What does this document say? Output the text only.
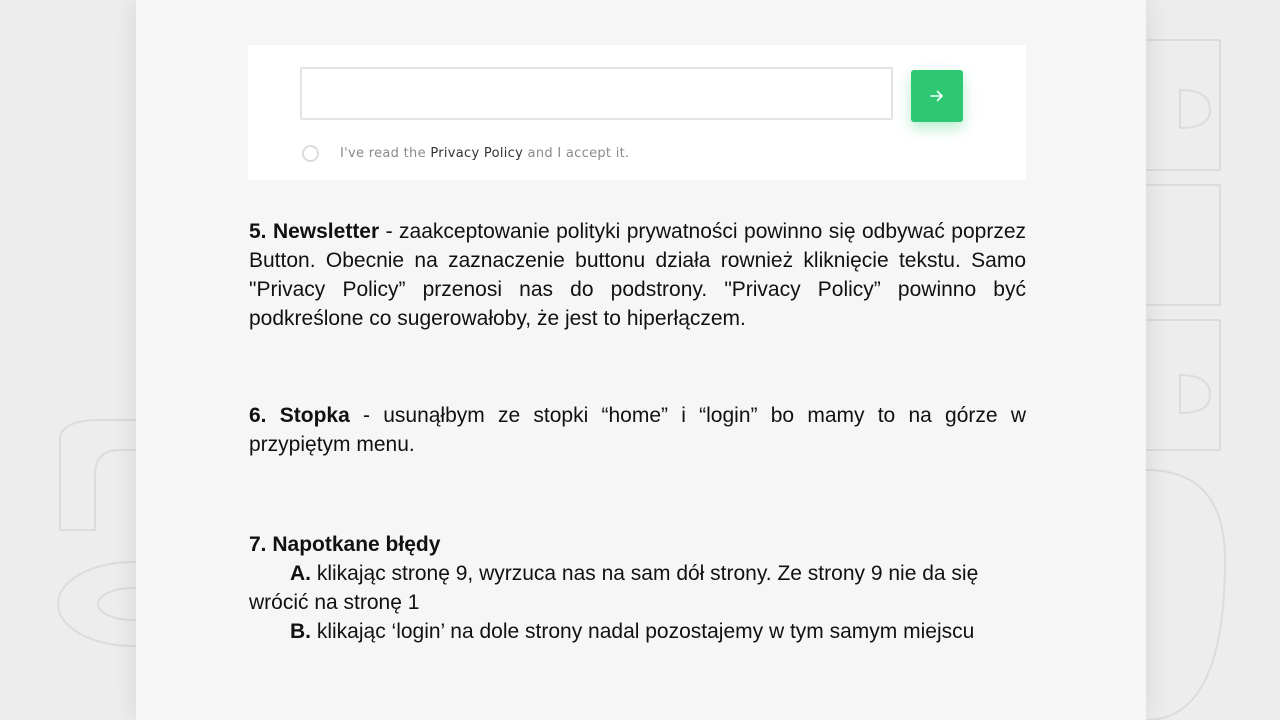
I've read the Privacy Policy and I accept it.

5. Newsletter - zaakceptowanie polityki prywatności powinno się odbywać poprzez Button. Obecnie na zaznaczenie buttonu działa rownież kliknięcie tekstu. Samo "Privacy Policy” przenosi nas do podstrony. "Privacy Policy” powinno być podkreślone co sugerowałoby, że jest to hiperłączem.

6. Stopka - usunąłbym ze stopki “home” i “login” bo mamy to na górze w przypiętym menu.

7. Napotkane błędy
A. klikając stronę 9, wyrzuca nas na sam dół strony. Ze strony 9 nie da się
wrócić na stronę 1
B. klikając ‘login’ na dole strony nadal pozostajemy w tym samym miejscu
